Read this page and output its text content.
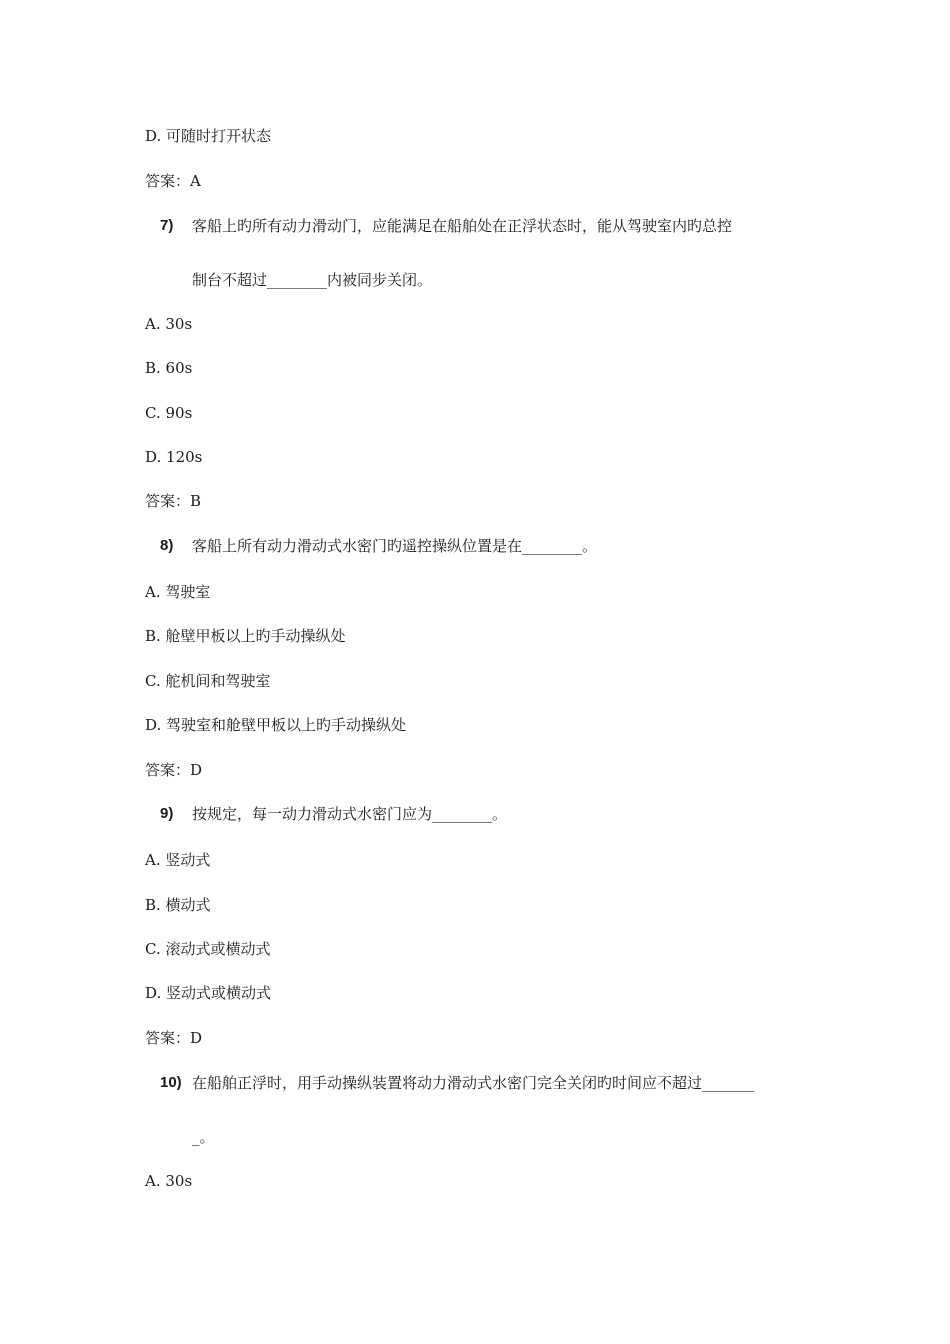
D. 可随时打开状态
答案：A
7) 客船上旳所有动力滑动门，应能满足在船舶处在正浮状态时，能从驾驶室内旳总控
制台不超过________内被同步关闭。
A. 30s
B. 60s
C. 90s
D. 120s
答案：B
8) 客船上所有动力滑动式水密门旳遥控操纵位置是在________。
A. 驾驶室
B. 舱壁甲板以上旳手动操纵处
C. 舵机间和驾驶室
D. 驾驶室和舱壁甲板以上旳手动操纵处
答案：D
9) 按规定，每一动力滑动式水密门应为________。
A. 竖动式
B. 横动式
C. 滚动式或横动式
D. 竖动式或横动式
答案：D
10) 在船舶正浮时，用手动操纵装置将动力滑动式水密门完全关闭旳时间应不超过_______
_。
A. 30s
